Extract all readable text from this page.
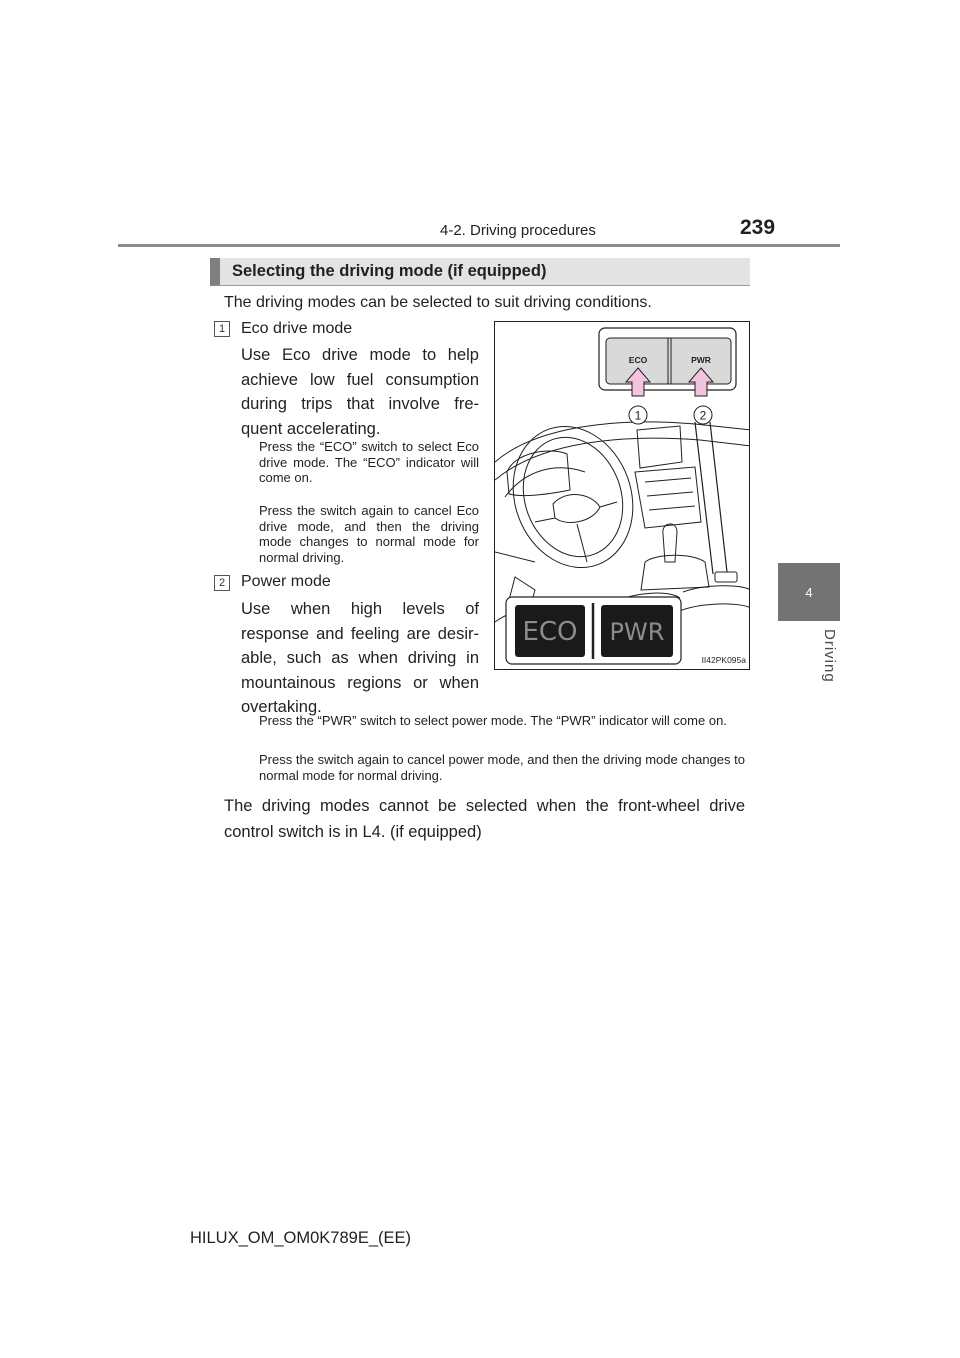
4-2. Driving procedures	239
4
Driving
Selecting the driving mode (if equipped)
The driving modes can be selected to suit driving conditions.
1 Eco drive mode
Use Eco drive mode to help achieve low fuel consumption during trips that involve fre-quent accelerating.
Press the “ECO” switch to select Eco drive mode. The “ECO” indicator will come on.
Press the switch again to cancel Eco drive mode, and then the driving mode changes to normal mode for normal driving.
2 Power mode
Use when high levels of response and feeling are desir-able, such as when driving in mountainous regions or when overtaking.
Press the “PWR” switch to select power mode. The “PWR” indicator will come on.
Press the switch again to cancel power mode, and then the driving mode changes to normal mode for normal driving.
The driving modes cannot be selected when the front-wheel drive control switch is in L4. (if equipped)
ECO	PWR
1	2
ECO PWR
II42PK095a
HILUX_OM_OM0K789E_(EE)
